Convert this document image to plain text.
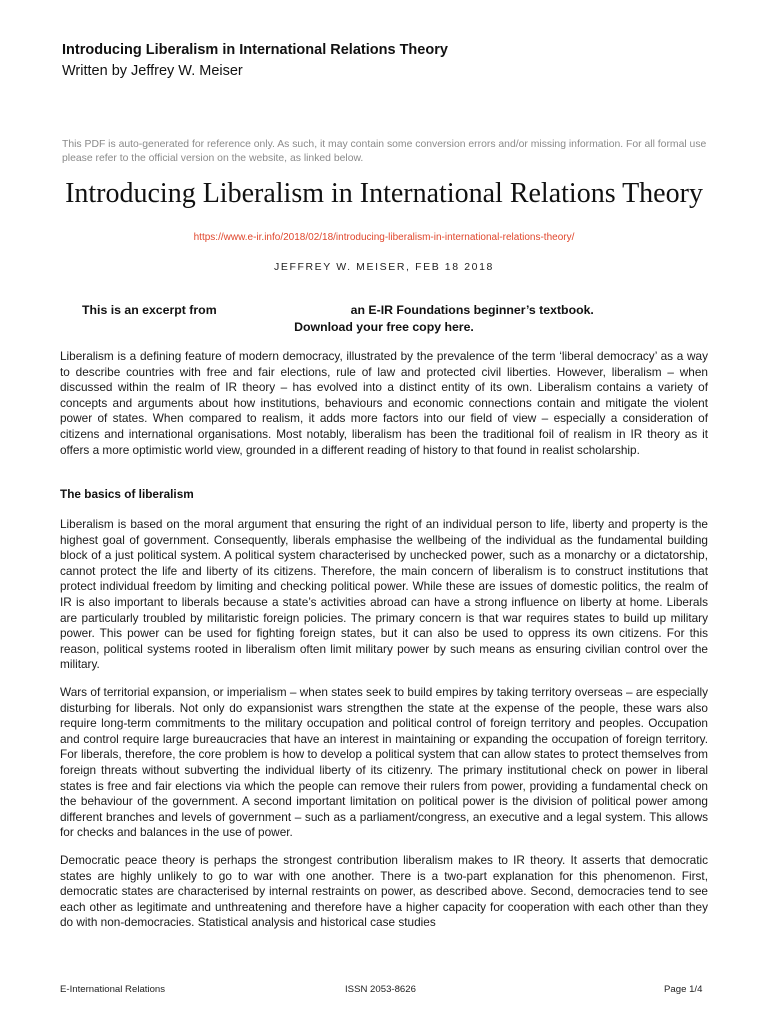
Introducing Liberalism in International Relations Theory
Written by Jeffrey W. Meiser
This PDF is auto-generated for reference only. As such, it may contain some conversion errors and/or missing information. For all formal use please refer to the official version on the website, as linked below.
Introducing Liberalism in International Relations Theory
https://www.e-ir.info/2018/02/18/introducing-liberalism-in-international-relations-theory/
JEFFREY W. MEISER, FEB 18 2018
This is an excerpt from	an E-IR Foundations beginner’s textbook.
Download your free copy here.
Liberalism is a defining feature of modern democracy, illustrated by the prevalence of the term ‘liberal democracy’ as a way to describe countries with free and fair elections, rule of law and protected civil liberties. However, liberalism – when discussed within the realm of IR theory – has evolved into a distinct entity of its own. Liberalism contains a variety of concepts and arguments about how institutions, behaviours and economic connections contain and mitigate the violent power of states. When compared to realism, it adds more factors into our field of view – especially a consideration of citizens and international organisations. Most notably, liberalism has been the traditional foil of realism in IR theory as it offers a more optimistic world view, grounded in a different reading of history to that found in realist scholarship.
The basics of liberalism
Liberalism is based on the moral argument that ensuring the right of an individual person to life, liberty and property is the highest goal of government. Consequently, liberals emphasise the wellbeing of the individual as the fundamental building block of a just political system. A political system characterised by unchecked power, such as a monarchy or a dictatorship, cannot protect the life and liberty of its citizens. Therefore, the main concern of liberalism is to construct institutions that protect individual freedom by limiting and checking political power. While these are issues of domestic politics, the realm of IR is also important to liberals because a state’s activities abroad can have a strong influence on liberty at home. Liberals are particularly troubled by militaristic foreign policies. The primary concern is that war requires states to build up military power. This power can be used for fighting foreign states, but it can also be used to oppress its own citizens. For this reason, political systems rooted in liberalism often limit military power by such means as ensuring civilian control over the military.
Wars of territorial expansion, or imperialism – when states seek to build empires by taking territory overseas – are especially disturbing for liberals. Not only do expansionist wars strengthen the state at the expense of the people, these wars also require long-term commitments to the military occupation and political control of foreign territory and peoples. Occupation and control require large bureaucracies that have an interest in maintaining or expanding the occupation of foreign territory. For liberals, therefore, the core problem is how to develop a political system that can allow states to protect themselves from foreign threats without subverting the individual liberty of its citizenry. The primary institutional check on power in liberal states is free and fair elections via which the people can remove their rulers from power, providing a fundamental check on the behaviour of the government. A second important limitation on political power is the division of political power among different branches and levels of government – such as a parliament/congress, an executive and a legal system. This allows for checks and balances in the use of power.
Democratic peace theory is perhaps the strongest contribution liberalism makes to IR theory. It asserts that democratic states are highly unlikely to go to war with one another. There is a two-part explanation for this phenomenon. First, democratic states are characterised by internal restraints on power, as described above. Second, democracies tend to see each other as legitimate and unthreatening and therefore have a higher capacity for cooperation with each other than they do with non-democracies. Statistical analysis and historical case studies
E-International Relations	ISSN 2053-8626	Page 1/4
